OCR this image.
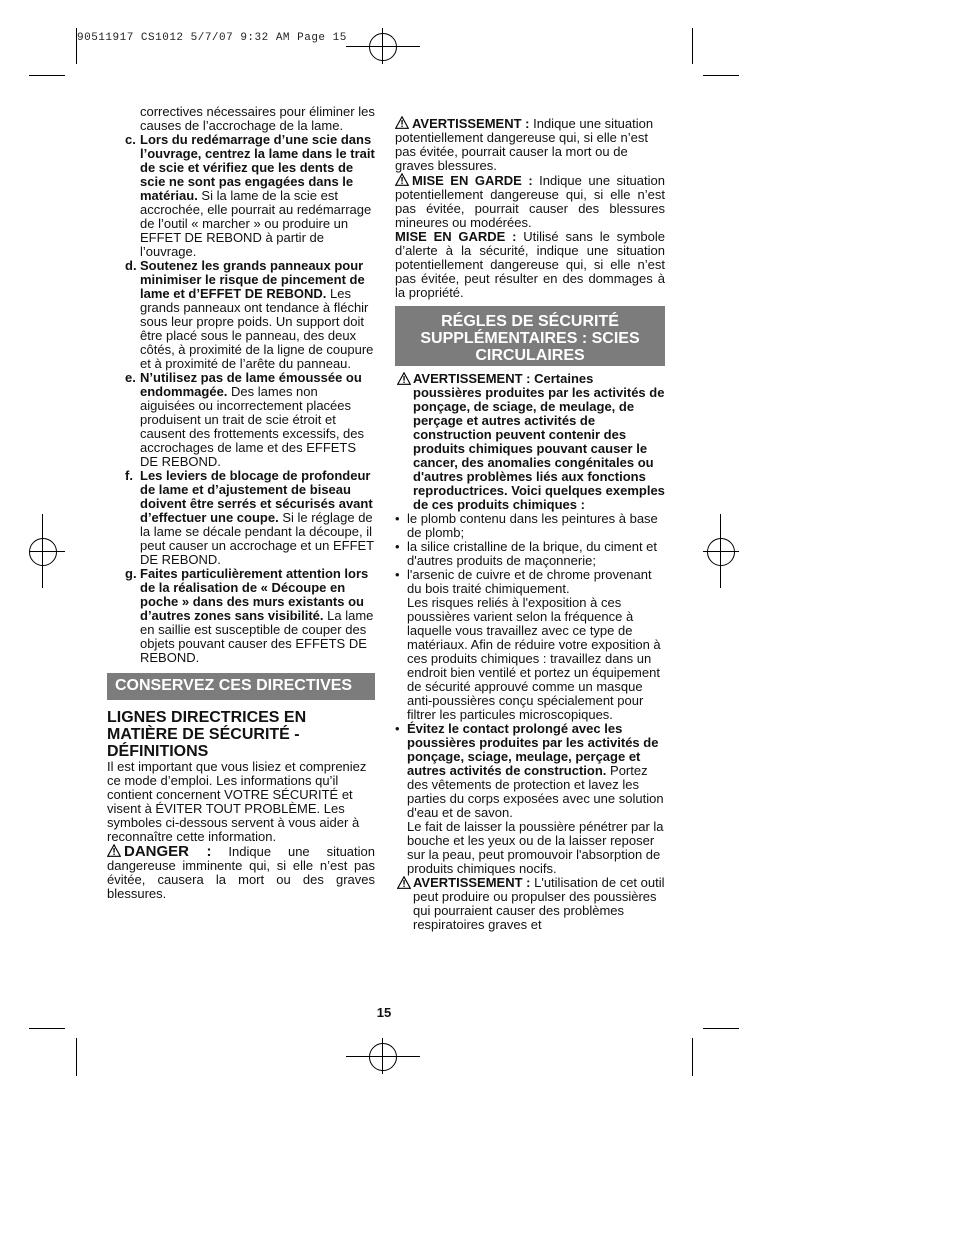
90511917 CS1012 5/7/07 9:32 AM Page 15

correctives nécessaires pour éliminer les causes de l’accrochage de la lame.

c. Lors du redémarrage d’une scie dans l’ouvrage, centrez la lame dans le trait de scie et vérifiez que les dents de scie ne sont pas engagées dans le matériau. Si la lame de la scie est accrochée, elle pourrait au redémarrage de l’outil « marcher » ou produire un EFFET DE REBOND à partir de l’ouvrage.
d. Soutenez les grands panneaux pour minimiser le risque de pincement de lame et d’EFFET DE REBOND. Les grands panneaux ont tendance à fléchir sous leur propre poids. Un support doit être placé sous le panneau, des deux côtés, à proximité de la ligne de coupure et à proximité de l’arête du panneau.
e. N’utilisez pas de lame émoussée ou endommagée. Des lames non aiguisées ou incorrectement placées produisent un trait de scie étroit et causent des frottements excessifs, des accrochages de lame et des EFFETS DE REBOND.
f. Les leviers de blocage de profondeur de lame et d’ajustement de biseau doivent être serrés et sécurisés avant d’effectuer une coupe. Si le réglage de la lame se décale pendant la découpe, il peut causer un accrochage et un EFFET DE REBOND.
g. Faites particulièrement attention lors de la réalisation de « Découpe en poche » dans des murs existants ou d’autres zones sans visibilité. La lame en saillie est susceptible de couper des objets pouvant causer des EFFETS DE REBOND.
CONSERVEZ CES DIRECTIVES
LIGNES DIRECTRICES EN MATIÈRE DE SÉCURITÉ - DÉFINITIONS

Il est important que vous lisiez et compreniez ce mode d’emploi. Les informations qu’il contient concernent VOTRE SÉCURITÉ et visent à ÉVITER TOUT PROBLÈME. Les symboles ci-dessous servent à vous aider à reconnaître cette information.

DANGER : Indique une situation dangereuse imminente qui, si elle n’est pas évitée, causera la mort ou des graves blessures.

AVERTISSEMENT : Indique une situation potentiellement dangereuse qui, si elle n’est pas évitée, pourrait causer la mort ou de graves blessures.

MISE EN GARDE : Indique une situation potentiellement dangereuse qui, si elle n’est pas évitée, pourrait causer des blessures mineures ou modérées.

MISE EN GARDE : Utilisé sans le symbole d’alerte à la sécurité, indique une situation potentiellement dangereuse qui, si elle n’est pas évitée, peut résulter en des dommages à la propriété.

RÉGLES DE SÉCURITÉ SUPPLÉMENTAIRES : SCIES CIRCULAIRES
AVERTISSEMENT : Certaines poussières produites par les activités de ponçage, de sciage, de meulage, de perçage et autres activités de construction peuvent contenir des produits chimiques pouvant causer le cancer, des anomalies congénitales ou d'autres problèmes liés aux fonctions reproductrices. Voici quelques exemples de ces produits chimiques :
• le plomb contenu dans les peintures à base de plomb;
• la silice cristalline de la brique, du ciment et d'autres produits de maçonnerie;
• l'arsenic de cuivre et de chrome provenant du bois traité chimiquement.

Les risques reliés à l'exposition à ces poussières varient selon la fréquence à laquelle vous travaillez avec ce type de matériaux. Afin de réduire votre exposition à ces produits chimiques : travaillez dans un endroit bien ventilé et portez un équipement de sécurité approuvé comme un masque anti-poussières conçu spécialement pour filtrer les particules microscopiques.

• Évitez le contact prolongé avec les poussières produites par les activités de ponçage, sciage, meulage, perçage et autres activités de construction. Portez des vêtements de protection et lavez les parties du corps exposées avec une solution d'eau et de savon.
Le fait de laisser la poussière pénétrer par la bouche et les yeux ou de la laisser reposer sur la peau, peut promouvoir l'absorption de produits chimiques nocifs.
AVERTISSEMENT : L'utilisation de cet outil peut produire ou propulser des poussières qui pourraient causer des problèmes respiratoires graves et
15
